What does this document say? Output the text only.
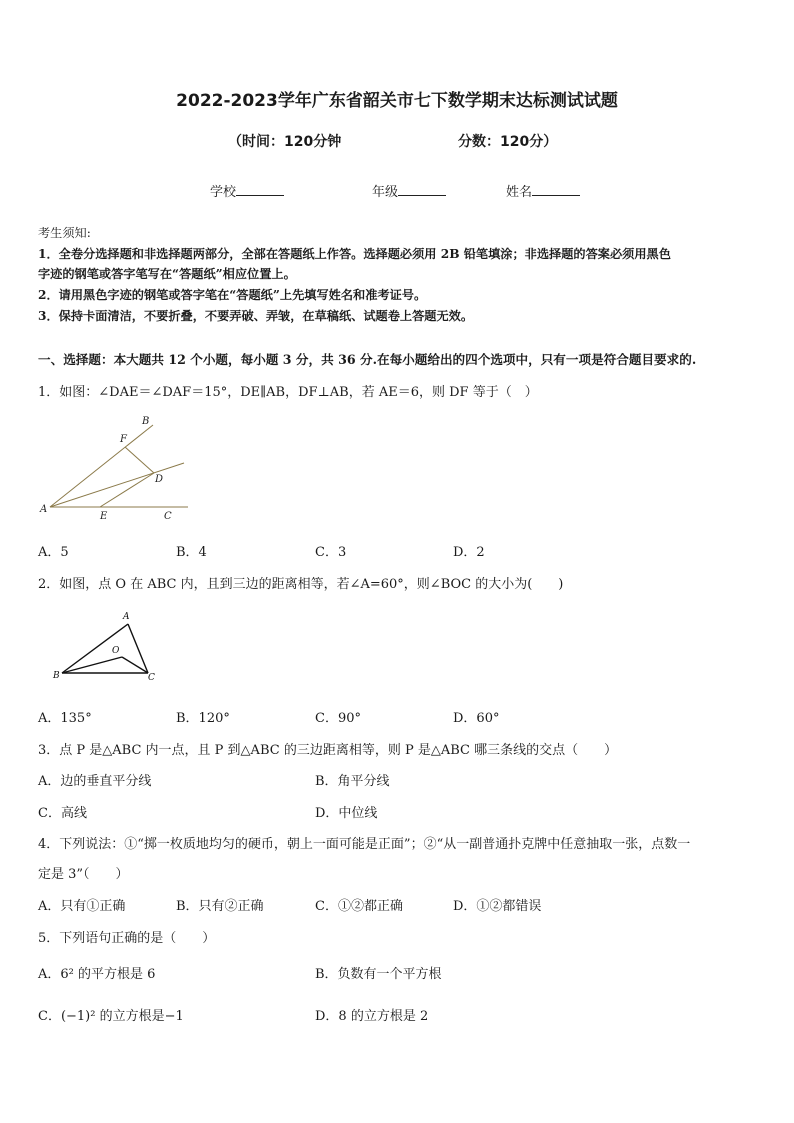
2022-2023学年广东省韶关市七下数学期末达标测试试题
（时间：120分钟	分数：120分）
学校	年级	姓名
考生须知:
1．全卷分选择题和非选择题两部分，全部在答题纸上作答。选择题必须用 2B 铅笔填涂；非选择题的答案必须用黑色
字迹的钢笔或答字笔写在“答题纸”相应位置上。
2．请用黑色字迹的钢笔或答字笔在“答题纸”上先填写姓名和准考证号。
3．保持卡面清洁，不要折叠，不要弄破、弄皱，在草稿纸、试题卷上答题无效。
一、选择题：本大题共 12 个小题，每小题 3 分，共 36 分.在每小题给出的四个选项中，只有一项是符合题目要求的.
1．如图：∠DAE＝∠DAF＝15°，DE∥AB，DF⊥AB，若 AE＝6，则 DF 等于（　）
B
F
D
A
E	C
A．5	B．4	C．3	D．2
2．如图，点 O 在 ABC 内，且到三边的距离相等，若∠A=60°，则∠BOC 的大小为(　　)
A
O
B	C
A．135°	B．120°	C．90°	D．60°
3．点 P 是△ABC 内一点，且 P 到△ABC 的三边距离相等，则 P 是△ABC 哪三条线的交点（　　）
A．边的垂直平分线	B．角平分线
C．高线	D．中位线
4．下列说法：①“掷一枚质地均匀的硬币，朝上一面可能是正面”；②“从一副普通扑克牌中任意抽取一张，点数一
定是 3”（　　）
A．只有①正确	B．只有②正确	C．①②都正确	D．①②都错误
5．下列语句正确的是（　　）
A．6² 的平方根是 6	B．负数有一个平方根
C．(−1)² 的立方根是−1	D．8 的立方根是 2
